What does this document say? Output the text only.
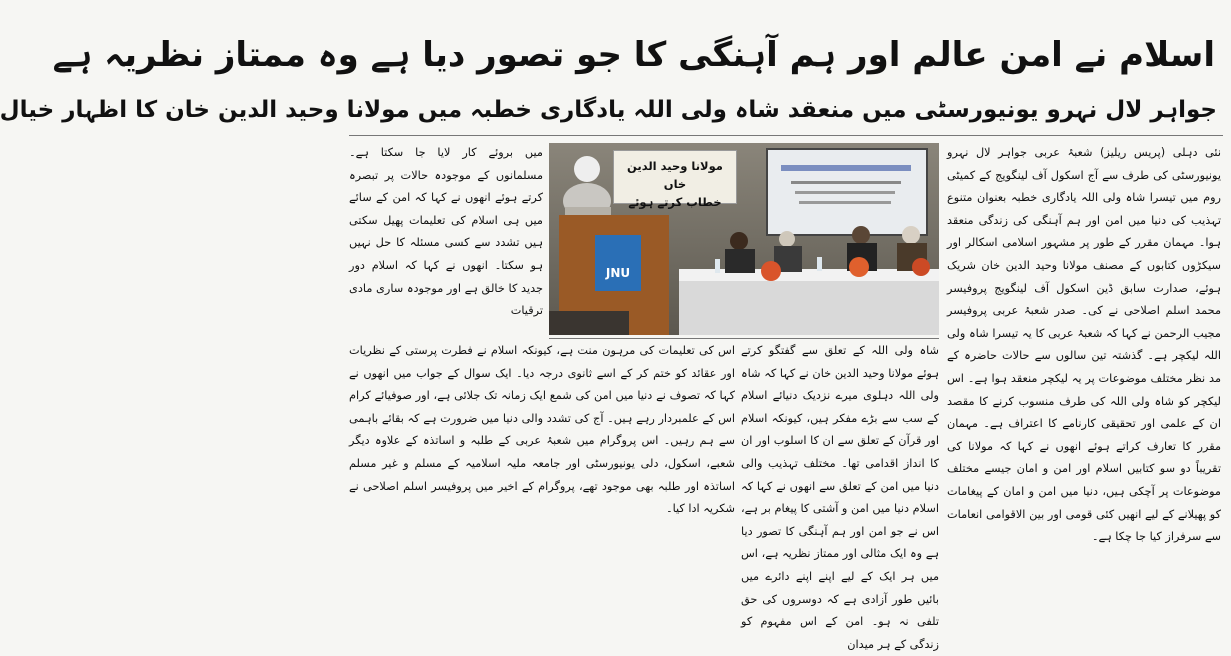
اسلام نے امن عالم اور ہم آہنگی کا جو تصور دیا ہے وہ ممتاز نظریہ ہے
جواہر لال نہرو یونیورسٹی میں منعقد شاہ ولی اللہ یادگاری خطبہ میں مولانا وحید الدین خان کا اظہار خیال

نئی دہلی (پریس ریلیز) شعبۂ عربی جواہر لال نہرو یونیورسٹی کی طرف سے آج اسکول آف لینگویج کے کمیٹی روم میں تیسرا شاہ ولی اللہ یادگاری خطبہ بعنوان متنوع تہذیب کی دنیا میں امن اور ہم آہنگی کی زندگی منعقد ہوا۔ مہمان مقرر کے طور پر مشہور اسلامی اسکالر اور سیکڑوں کتابوں کے مصنف مولانا وحید الدین خان شریک ہوئے، صدارت سابق ڈین اسکول آف لینگویج پروفیسر محمد اسلم اصلاحی نے کی۔ صدر شعبۂ عربی پروفیسر مجیب الرحمن نے کہا کہ شعبۂ عربی کا یہ تیسرا شاہ ولی اللہ لیکچر ہے۔ گذشتہ تین سالوں سے حالات حاضرہ کے مد نظر مختلف موضوعات پر یہ لیکچر منعقد ہوا ہے۔ اس لیکچر کو شاہ ولی اللہ کی طرف منسوب کرنے کا مقصد ان کے علمی اور تحقیقی کارنامے کا اعتراف ہے۔ مہمان مقرر کا تعارف کراتے ہوئے انھوں نے کہا کہ مولانا کی تقریباً دو سو کتابیں اسلام اور امن و امان جیسے مختلف موضوعات پر آچکی ہیں، دنیا میں امن و امان کے پیغامات کو پھیلانے کے لیے انھیں کئی قومی اور بین الاقوامی انعامات سے سرفراز کیا جا چکا ہے۔

شاہ ولی اللہ کے تعلق سے گفتگو کرتے ہوئے مولانا وحید الدین خان نے کہا کہ شاہ ولی اللہ دہلوی میرے نزدیک دنیائے اسلام کے سب سے بڑے مفکر ہیں، کیونکہ اسلام اور قرآن کے تعلق سے ان کا اسلوب اور ان کا انداز اقدامی تھا۔ مختلف تہذیب والی دنیا میں امن کے تعلق سے انھوں نے کہا کہ اسلام دنیا میں امن و آشتی کا پیغام بر ہے، اس نے جو امن اور ہم آہنگی کا تصور دیا ہے وہ ایک مثالی اور ممتاز نظریہ ہے، اس میں ہر ایک کے لیے اپنے اپنے دائرے میں بائیں طور آزادی ہے کہ دوسروں کی حق تلفی نہ ہو۔ امن کے اس مفہوم کو زندگی کے ہر میدان

میں بروئے کار لایا جا سکتا ہے۔ مسلمانوں کے موجودہ حالات پر تبصرہ کرتے ہوئے انھوں نے کہا کہ امن کے سائے میں ہی اسلام کی تعلیمات پھیل سکتی ہیں تشدد سے کسی مسئلہ کا حل نہیں ہو سکتا۔ انھوں نے کہا کہ اسلام دور جدید کا خالق ہے اور موجودہ ساری مادی ترقیات

اس کی تعلیمات کی مرہون منت ہے، کیونکہ اسلام نے فطرت پرستی کے نظریات اور عقائد کو ختم کر کے اسے ثانوی درجہ دیا۔ ایک سوال کے جواب میں انھوں نے کہا کہ تصوف نے دنیا میں امن کی شمع ایک زمانہ تک جلائی ہے، اور صوفیائے کرام اس کے علمبردار رہے ہیں۔ آج کی تشدد والی دنیا میں ضرورت ہے کہ بقائے باہمی سے ہم رہیں۔ اس پروگرام میں شعبۂ عربی کے طلبہ و اساتذہ کے علاوہ دیگر شعبے، اسکول، دلی یونیورسٹی اور جامعہ ملیہ اسلامیہ کے مسلم و غیر مسلم اساتذہ اور طلبہ بھی موجود تھے، پروگرام کے اخیر میں پروفیسر اسلم اصلاحی نے شکریہ ادا کیا۔

JNU
مولانا وحید الدین خاں
خطاب کرتے ہوئے
